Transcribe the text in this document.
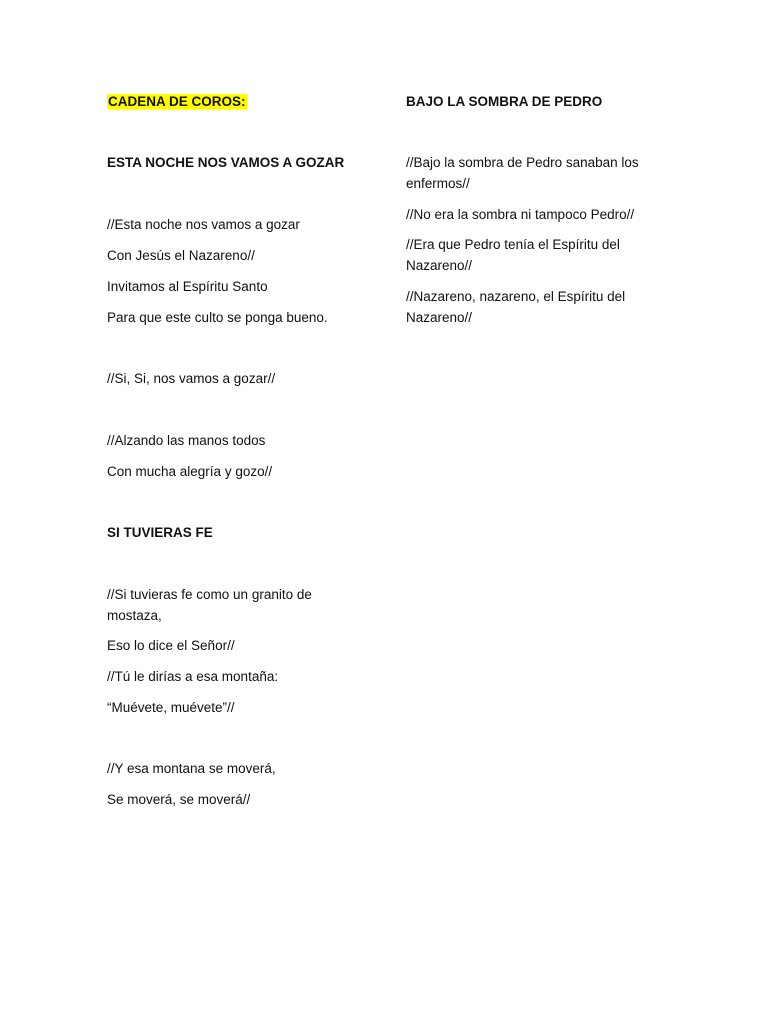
CADENA DE COROS:
ESTA NOCHE NOS VAMOS A GOZAR
//Esta noche nos vamos a gozar
Con Jesús el Nazareno//
Invitamos al Espíritu Santo
Para que este culto se ponga bueno.
//Si, Si, nos vamos a gozar//
//Alzando las manos todos
Con mucha alegría y gozo//
SI TUVIERAS FE
//Si tuvieras fe como un granito de mostaza,
Eso lo dice el Señor//
//Tú le dirías a esa montaña:
“Muévete, muévete”//
//Y esa montana se moverá,
Se moverá, se moverá//
BAJO LA SOMBRA DE PEDRO
//Bajo la sombra de Pedro sanaban los enfermos//
//No era la sombra ni tampoco Pedro//
//Era que Pedro tenía el Espíritu del Nazareno//
//Nazareno, nazareno, el Espíritu del Nazareno//
